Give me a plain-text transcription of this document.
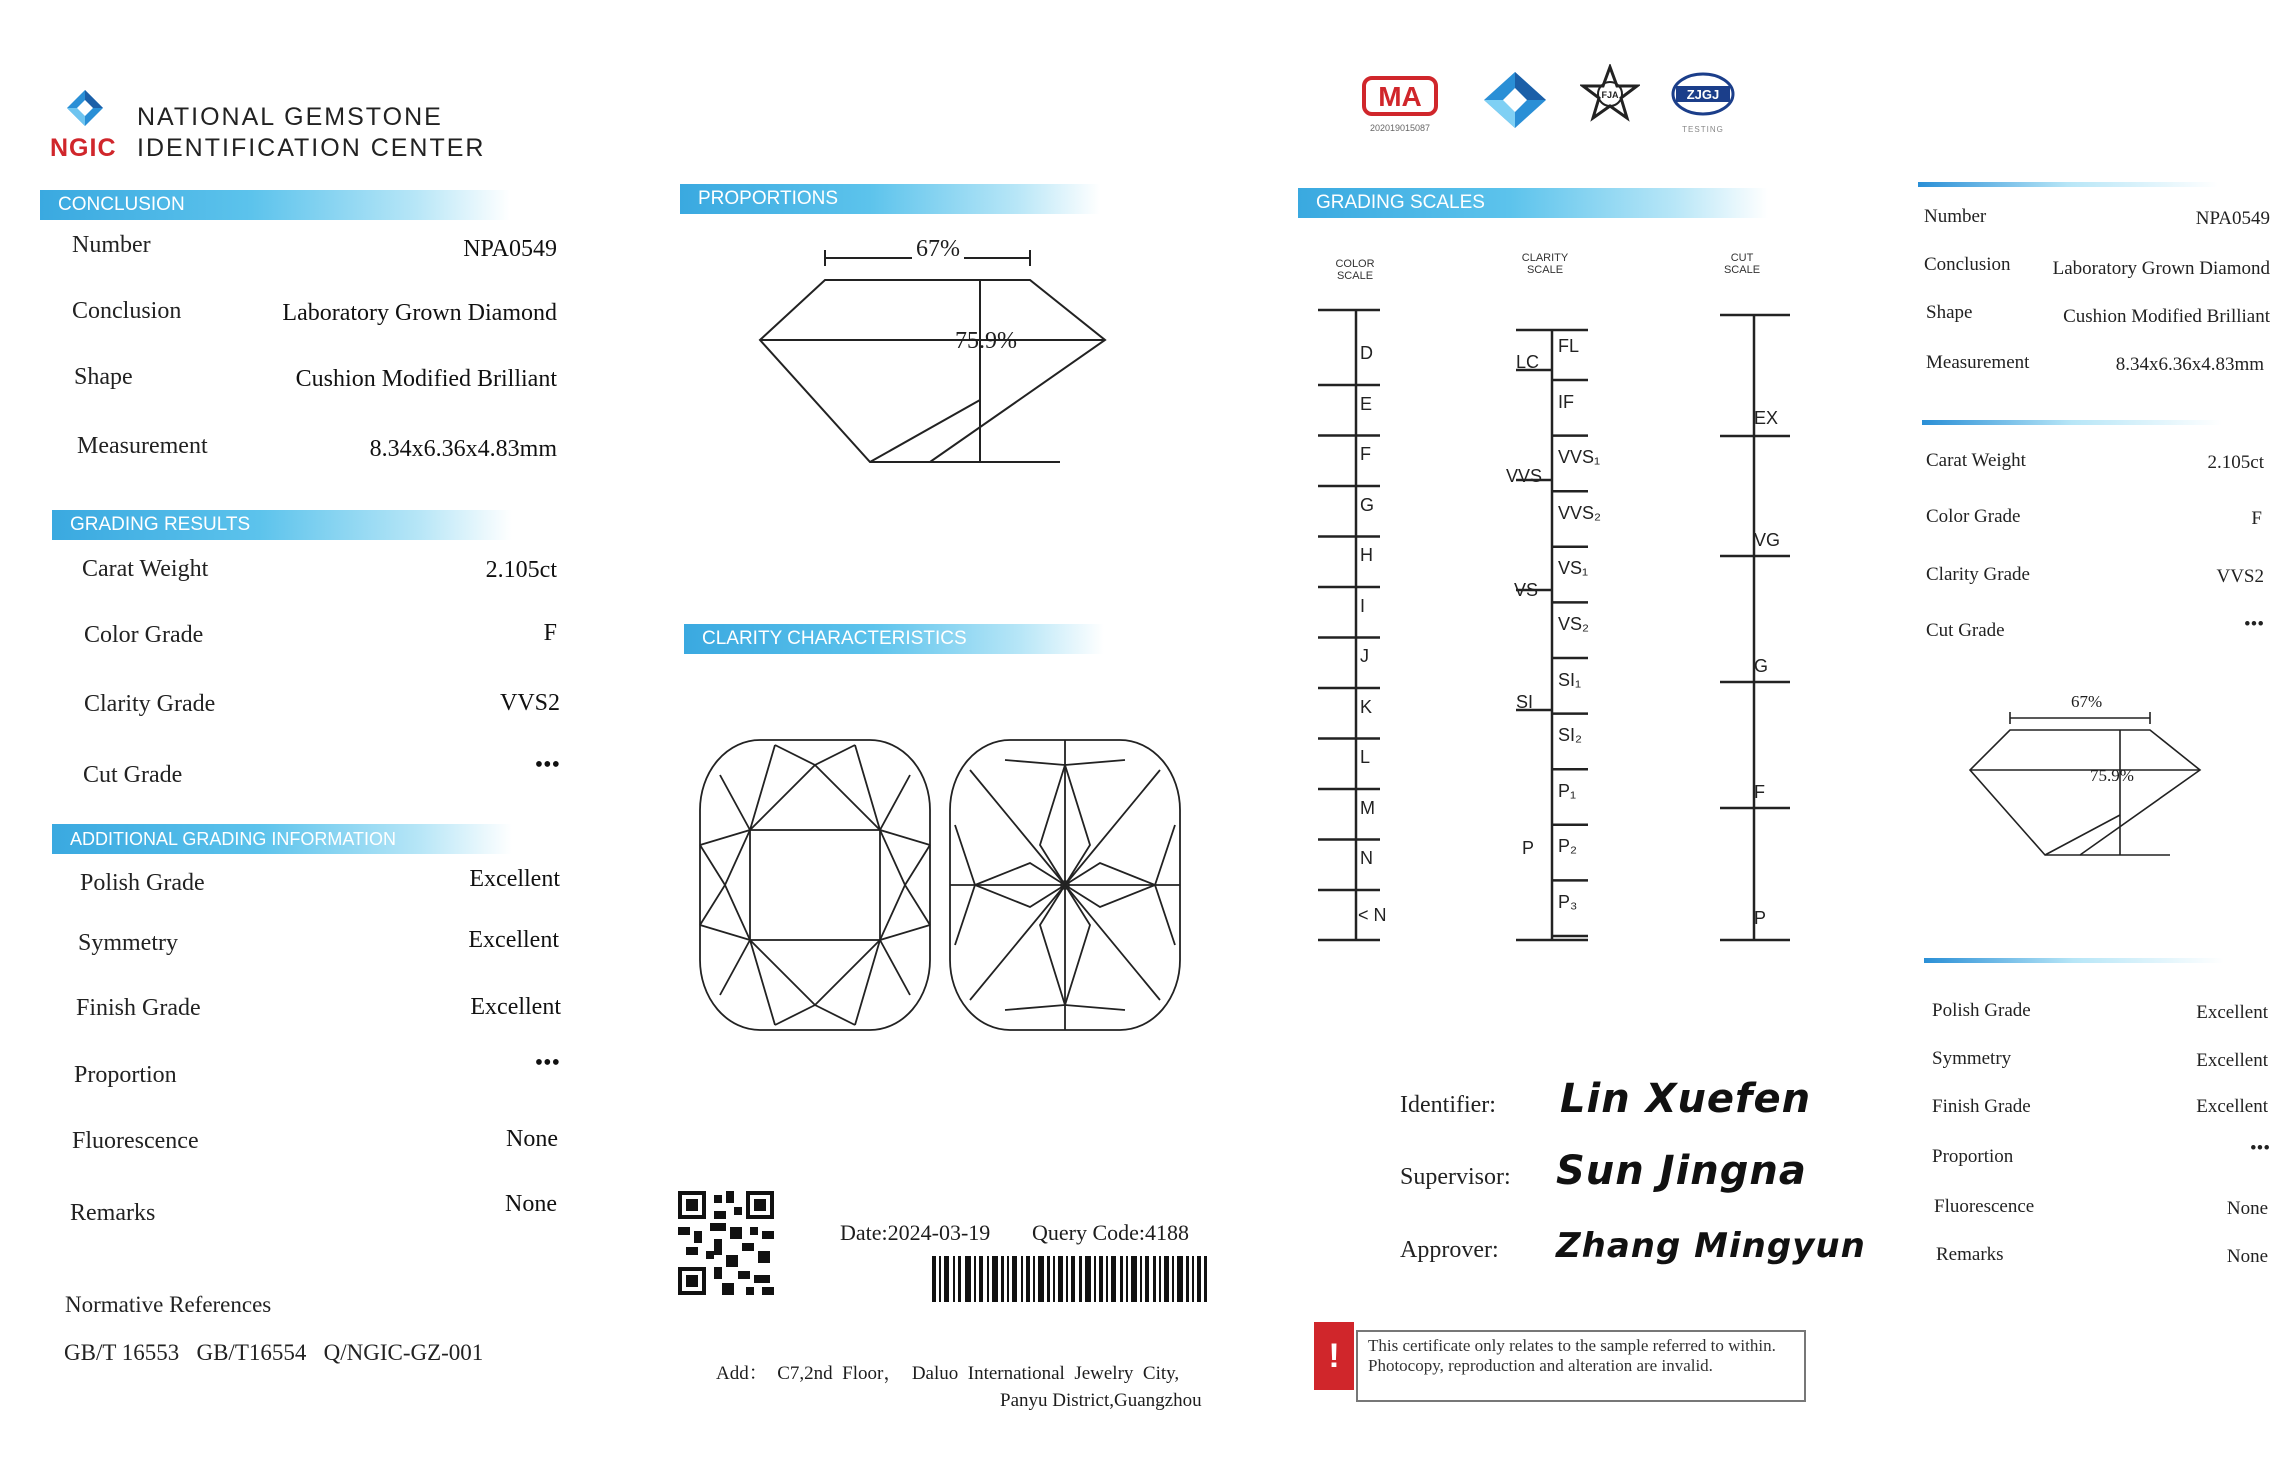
NGIC
NATIONAL GEMSTONE
IDENTIFICATION CENTER
CONCLUSION
Number	NPA0549
Conclusion	Laboratory Grown Diamond
Shape	Cushion Modified Brilliant
Measurement	8.34x6.36x4.83mm
GRADING RESULTS
Carat Weight	2.105ct
Color Grade	F
Clarity Grade	VVS2
Cut Grade	•••
ADDITIONAL GRADING INFORMATION
Polish Grade	Excellent
Symmetry	Excellent
Finish Grade	Excellent
Proportion	•••
Fluorescence	None
Remarks	None
Normative References
GB/T 16553   GB/T16554   Q/NGIC-GZ-001
PROPORTIONS
67%
75.9%
CLARITY CHARACTERISTICS
Date:2024-03-19 Query Code:4188
Add：  C7,2nd  Floor，  Daluo  International  Jewelry  City,
Panyu District,Guangzhou
MA
202019015087
FJA	ZJGJ
TESTING
GRADING SCALES
COLOR
SCALE
CLARITY
SCALE
CUT
SCALE
D
E
F
G
H
I
J
K
L
M
N
< N
FL
IF
VVS₁
VVS₂
VS₁
VS₂
SI₁
SI₂
P₁
P₂
P₃
LC
VVS
VS
SI
P
EX
VG
G
F
P
Identifier: Lin Xuefen
Supervisor: Sun Jingna
Approver: Zhang Mingyun
!	This certificate only relates to the sample referred to within. Photocopy, reproduction and alteration are invalid.
Number	NPA0549
Conclusion Laboratory Grown Diamond
Shape	Cushion Modified Brilliant
Measurement	8.34x6.36x4.83mm
Carat Weight	2.105ct
Color Grade	F
Clarity Grade	VVS2
Cut Grade	•••
67%
75.9%
Polish Grade	Excellent
Symmetry	Excellent
Finish Grade	Excellent
Proportion	•••
Fluorescence	None
Remarks	None
